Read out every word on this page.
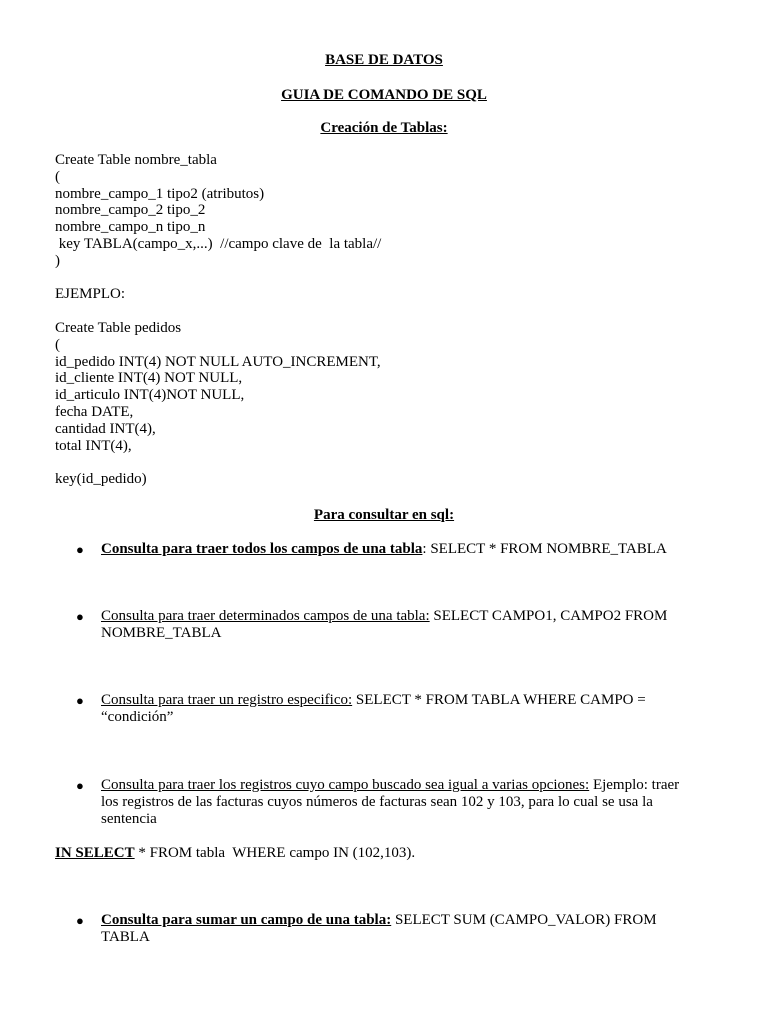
BASE DE DATOS
GUIA DE COMANDO DE SQL
Creación de Tablas:
Create Table nombre_tabla
(
nombre_campo_1 tipo2 (atributos)
nombre_campo_2 tipo_2
nombre_campo_n tipo_n
key TABLA(campo_x,...)  //campo clave de  la tabla//
)
EJEMPLO:
Create Table pedidos
(
id_pedido INT(4) NOT NULL AUTO_INCREMENT,
id_cliente INT(4) NOT NULL,
id_articulo INT(4)NOT NULL,
fecha DATE,
cantidad INT(4),
total INT(4),
key(id_pedido)
Para consultar en sql:
● Consulta para traer todos los campos de una tabla: SELECT * FROM NOMBRE_TABLA
● Consulta para traer determinados campos de una tabla: SELECT CAMPO1, CAMPO2 FROM NOMBRE_TABLA
● Consulta para traer un registro especifico: SELECT * FROM TABLA WHERE CAMPO = “condición”
● Consulta para traer los registros cuyo campo buscado sea igual a varias opciones: Ejemplo: traer los registros de las facturas cuyos números de facturas sean 102 y 103, para lo cual se usa la sentencia
IN SELECT * FROM tabla  WHERE campo IN (102,103).
● Consulta para sumar un campo de una tabla: SELECT SUM (CAMPO_VALOR) FROM TABLA
